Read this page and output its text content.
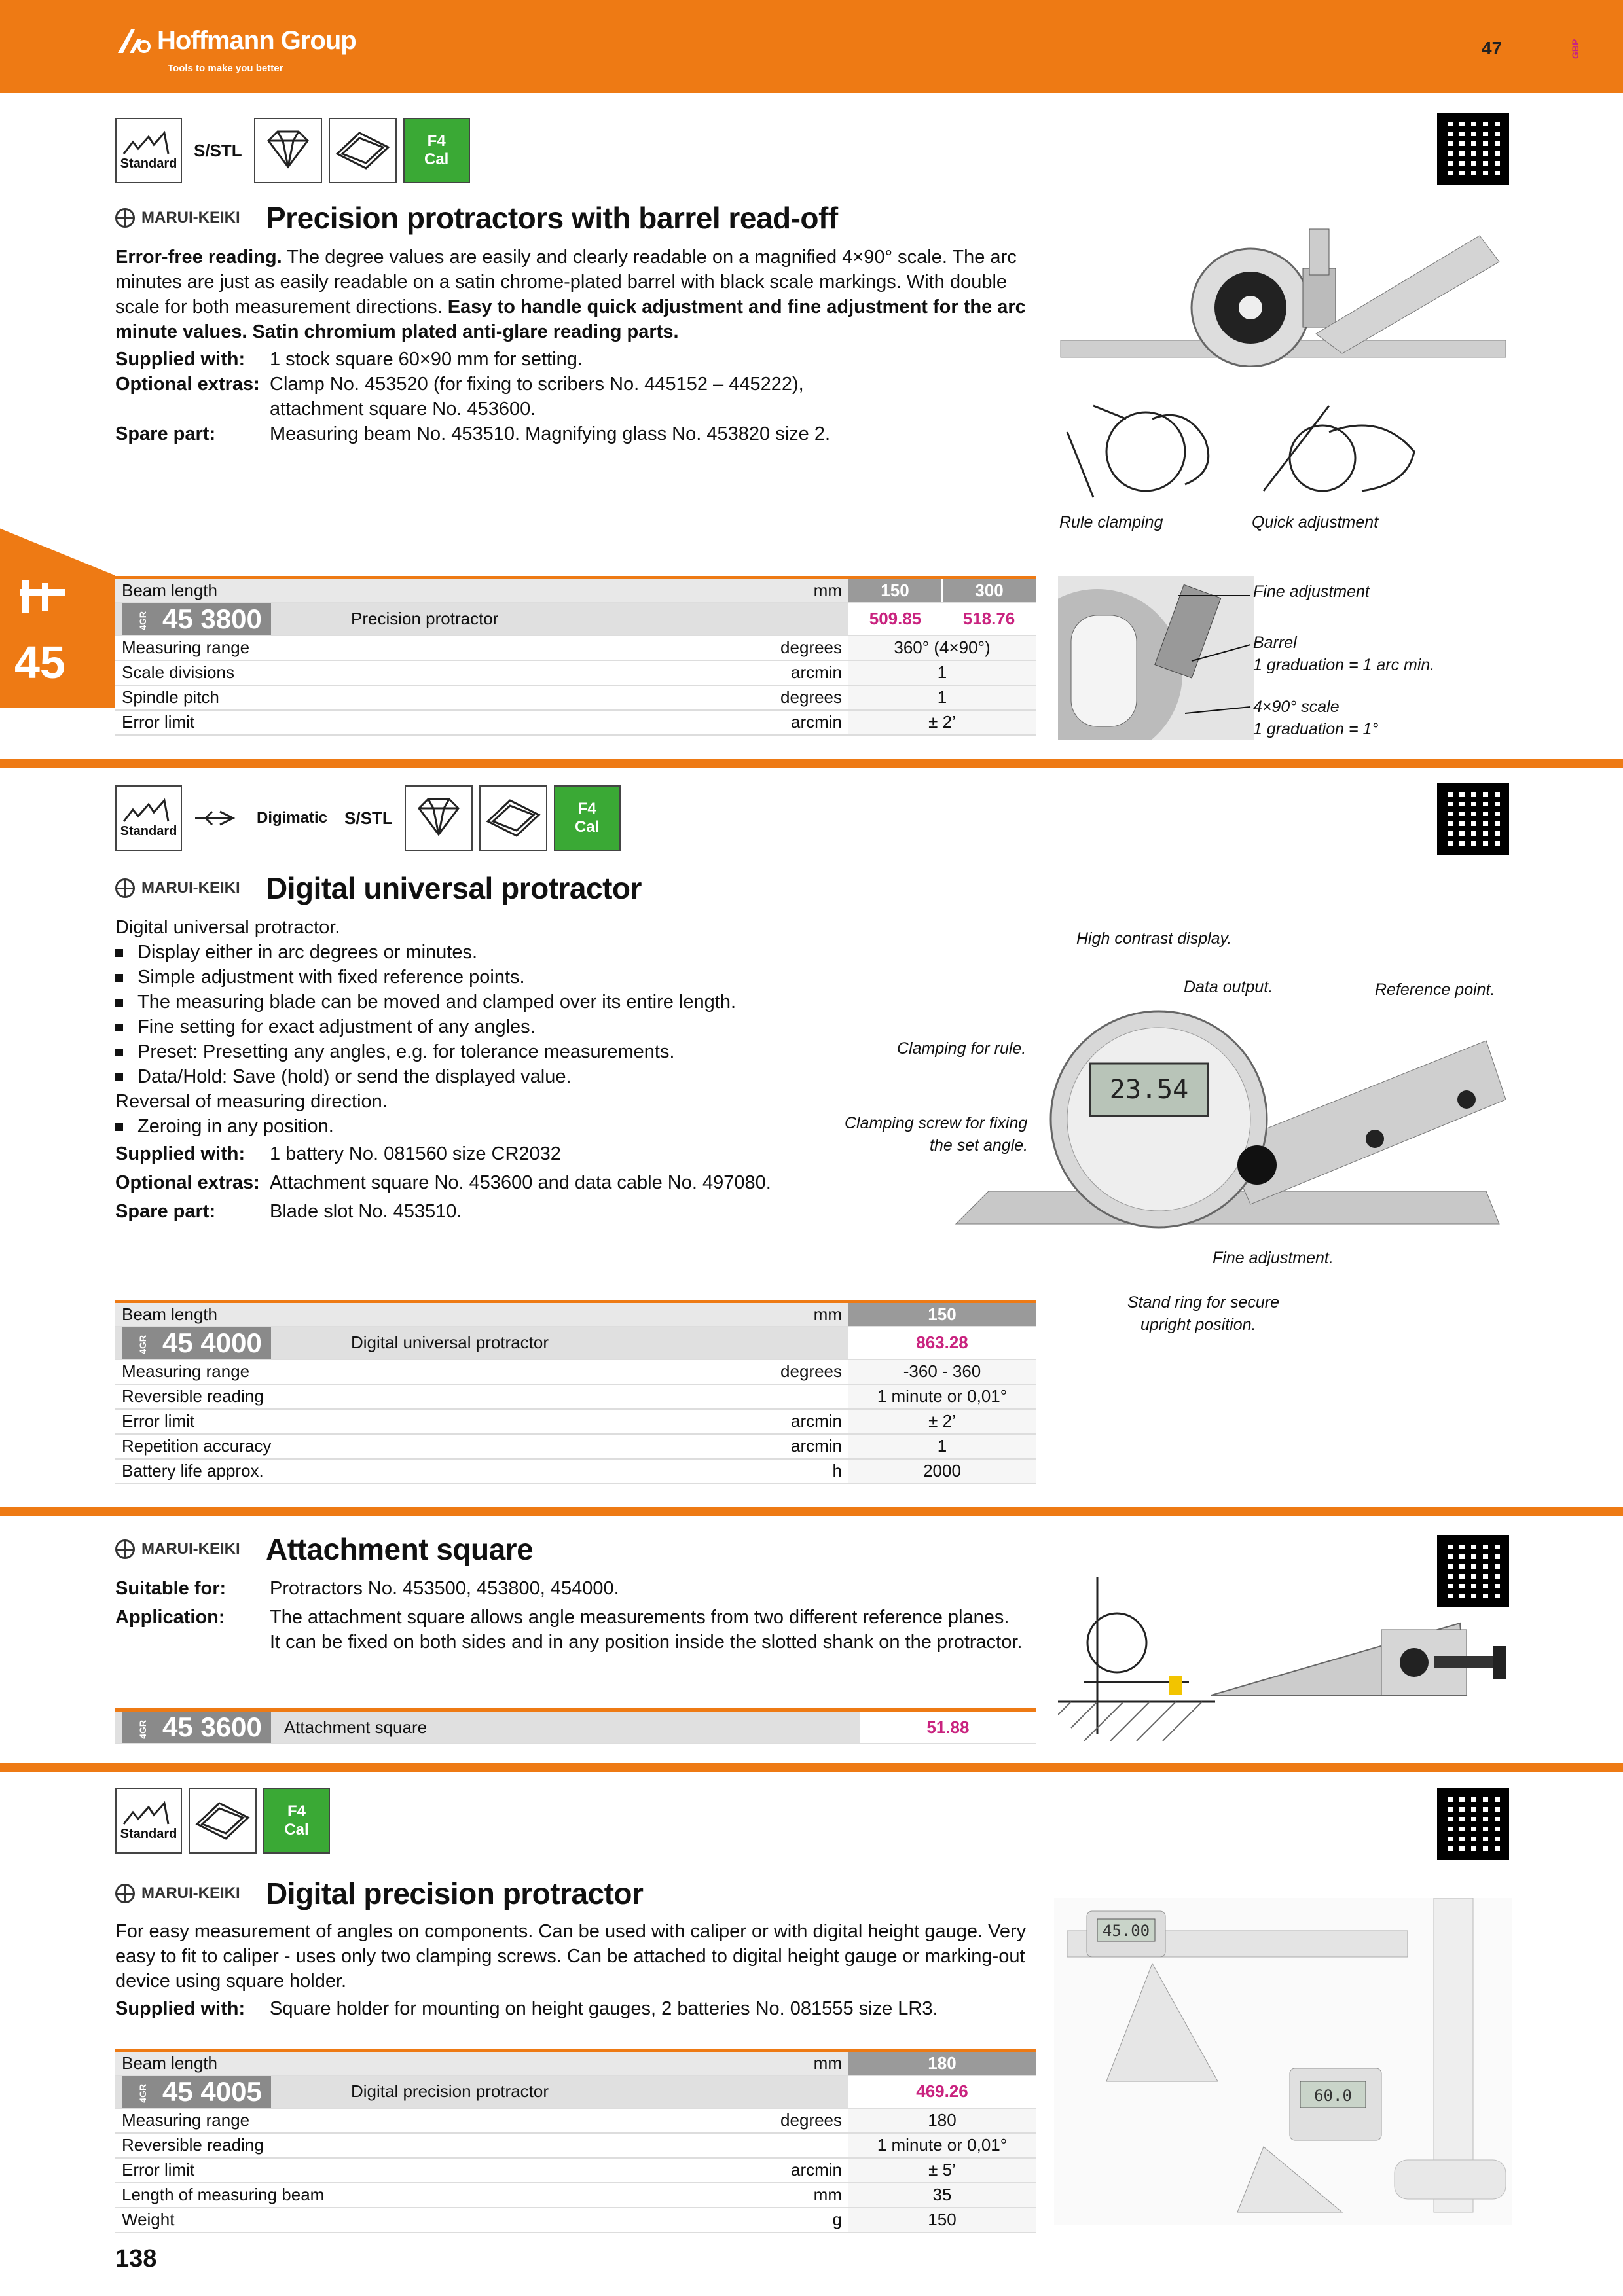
Hoffmann Group
Tools to make you better
47	GBP
45
Standard
S/STL	F4
Cal
MARUI-KEIKI Precision protractors with barrel read-off
Error-free reading. The degree values are easily and clearly readable on a magnified 4×90° scale. The arc minutes are just as easily readable on a satin chrome-plated barrel with black scale markings. With double scale for both measurement directions. Easy to handle quick adjustment and fine adjustment for the arc minute values. Satin chromium plated anti-glare reading parts.
Supplied with: 1 stock square 60×90 mm for setting.
Optional extras: Clamp No. 453520 (for fixing to scribers No. 445152 – 445222),
attachment square No. 453600.
Spare part:	Measuring beam No. 453510. Magnifying glass No. 453820 size 2.
Rule clamping	Quick adjustment
Beam length		mm	150	300
4GR 45 3800	Precision protractor		509.85	518.76
Measuring range		degrees	360° (4×90°)	
Scale divisions		arcmin	1	
Spindle pitch		degrees	1	
Error limit		arcmin	± 2’	
Fine adjustment
Barrel
1 graduation = 1 arc min.
4×90° scale
1 graduation = 1°
Standard
Digimatic	S/STL	F4
Cal
MARUI-KEIKI Digital universal protractor
Digital universal protractor.
Display either in arc degrees or minutes.
Simple adjustment with fixed reference points.
The measuring blade can be moved and clamped over its entire length.
Fine setting for exact adjustment of any angles.
Preset: Presetting any angles, e.g. for tolerance measurements.
Data/Hold: Save (hold) or send the displayed value.
Reversal of measuring direction.
Zeroing in any position.
Supplied with: 1 battery No. 081560 size CR2032
Optional extras: Attachment square No. 453600 and data cable No. 497080.
Spare part:	Blade slot No. 453510.
23.54
High contrast display.
Data output.	Reference point.
Clamping for rule.
Clamping screw for fixing
the set angle.
Fine adjustment.
Stand ring for secure
upright position.
Beam length		mm	150
4GR 45 4000	Digital universal protractor		863.28
Measuring range		degrees	-360 - 360
Reversible reading			1 minute or 0,01°
Error limit		arcmin	± 2’
Repetition accuracy		arcmin	1
Battery life approx.		h	2000
MARUI-KEIKI Attachment square
Suitable for: Protractors No. 453500, 453800, 454000.
Application: The attachment square allows angle measurements from two different reference planes.
It can be fixed on both sides and in any position inside the slotted shank on the protractor.
4GR 45 3600	Attachment square	51.88
Standard
F4
Cal
MARUI-KEIKI Digital precision protractor
For easy measurement of angles on components. Can be used with caliper or with digital height gauge. Very
easy to fit to caliper - uses only two clamping screws. Can be attached to digital height gauge or marking-out
device using square holder.
Supplied with: Square holder for mounting on height gauges, 2 batteries No. 081555 size LR3.
45.00
60.0
Beam length		mm	180
4GR 45 4005	Digital precision protractor		469.26
Measuring range		degrees	180
Reversible reading			1 minute or 0,01°
Error limit		arcmin	± 5’
Length of measuring beam		mm	35
Weight		g	150
138
